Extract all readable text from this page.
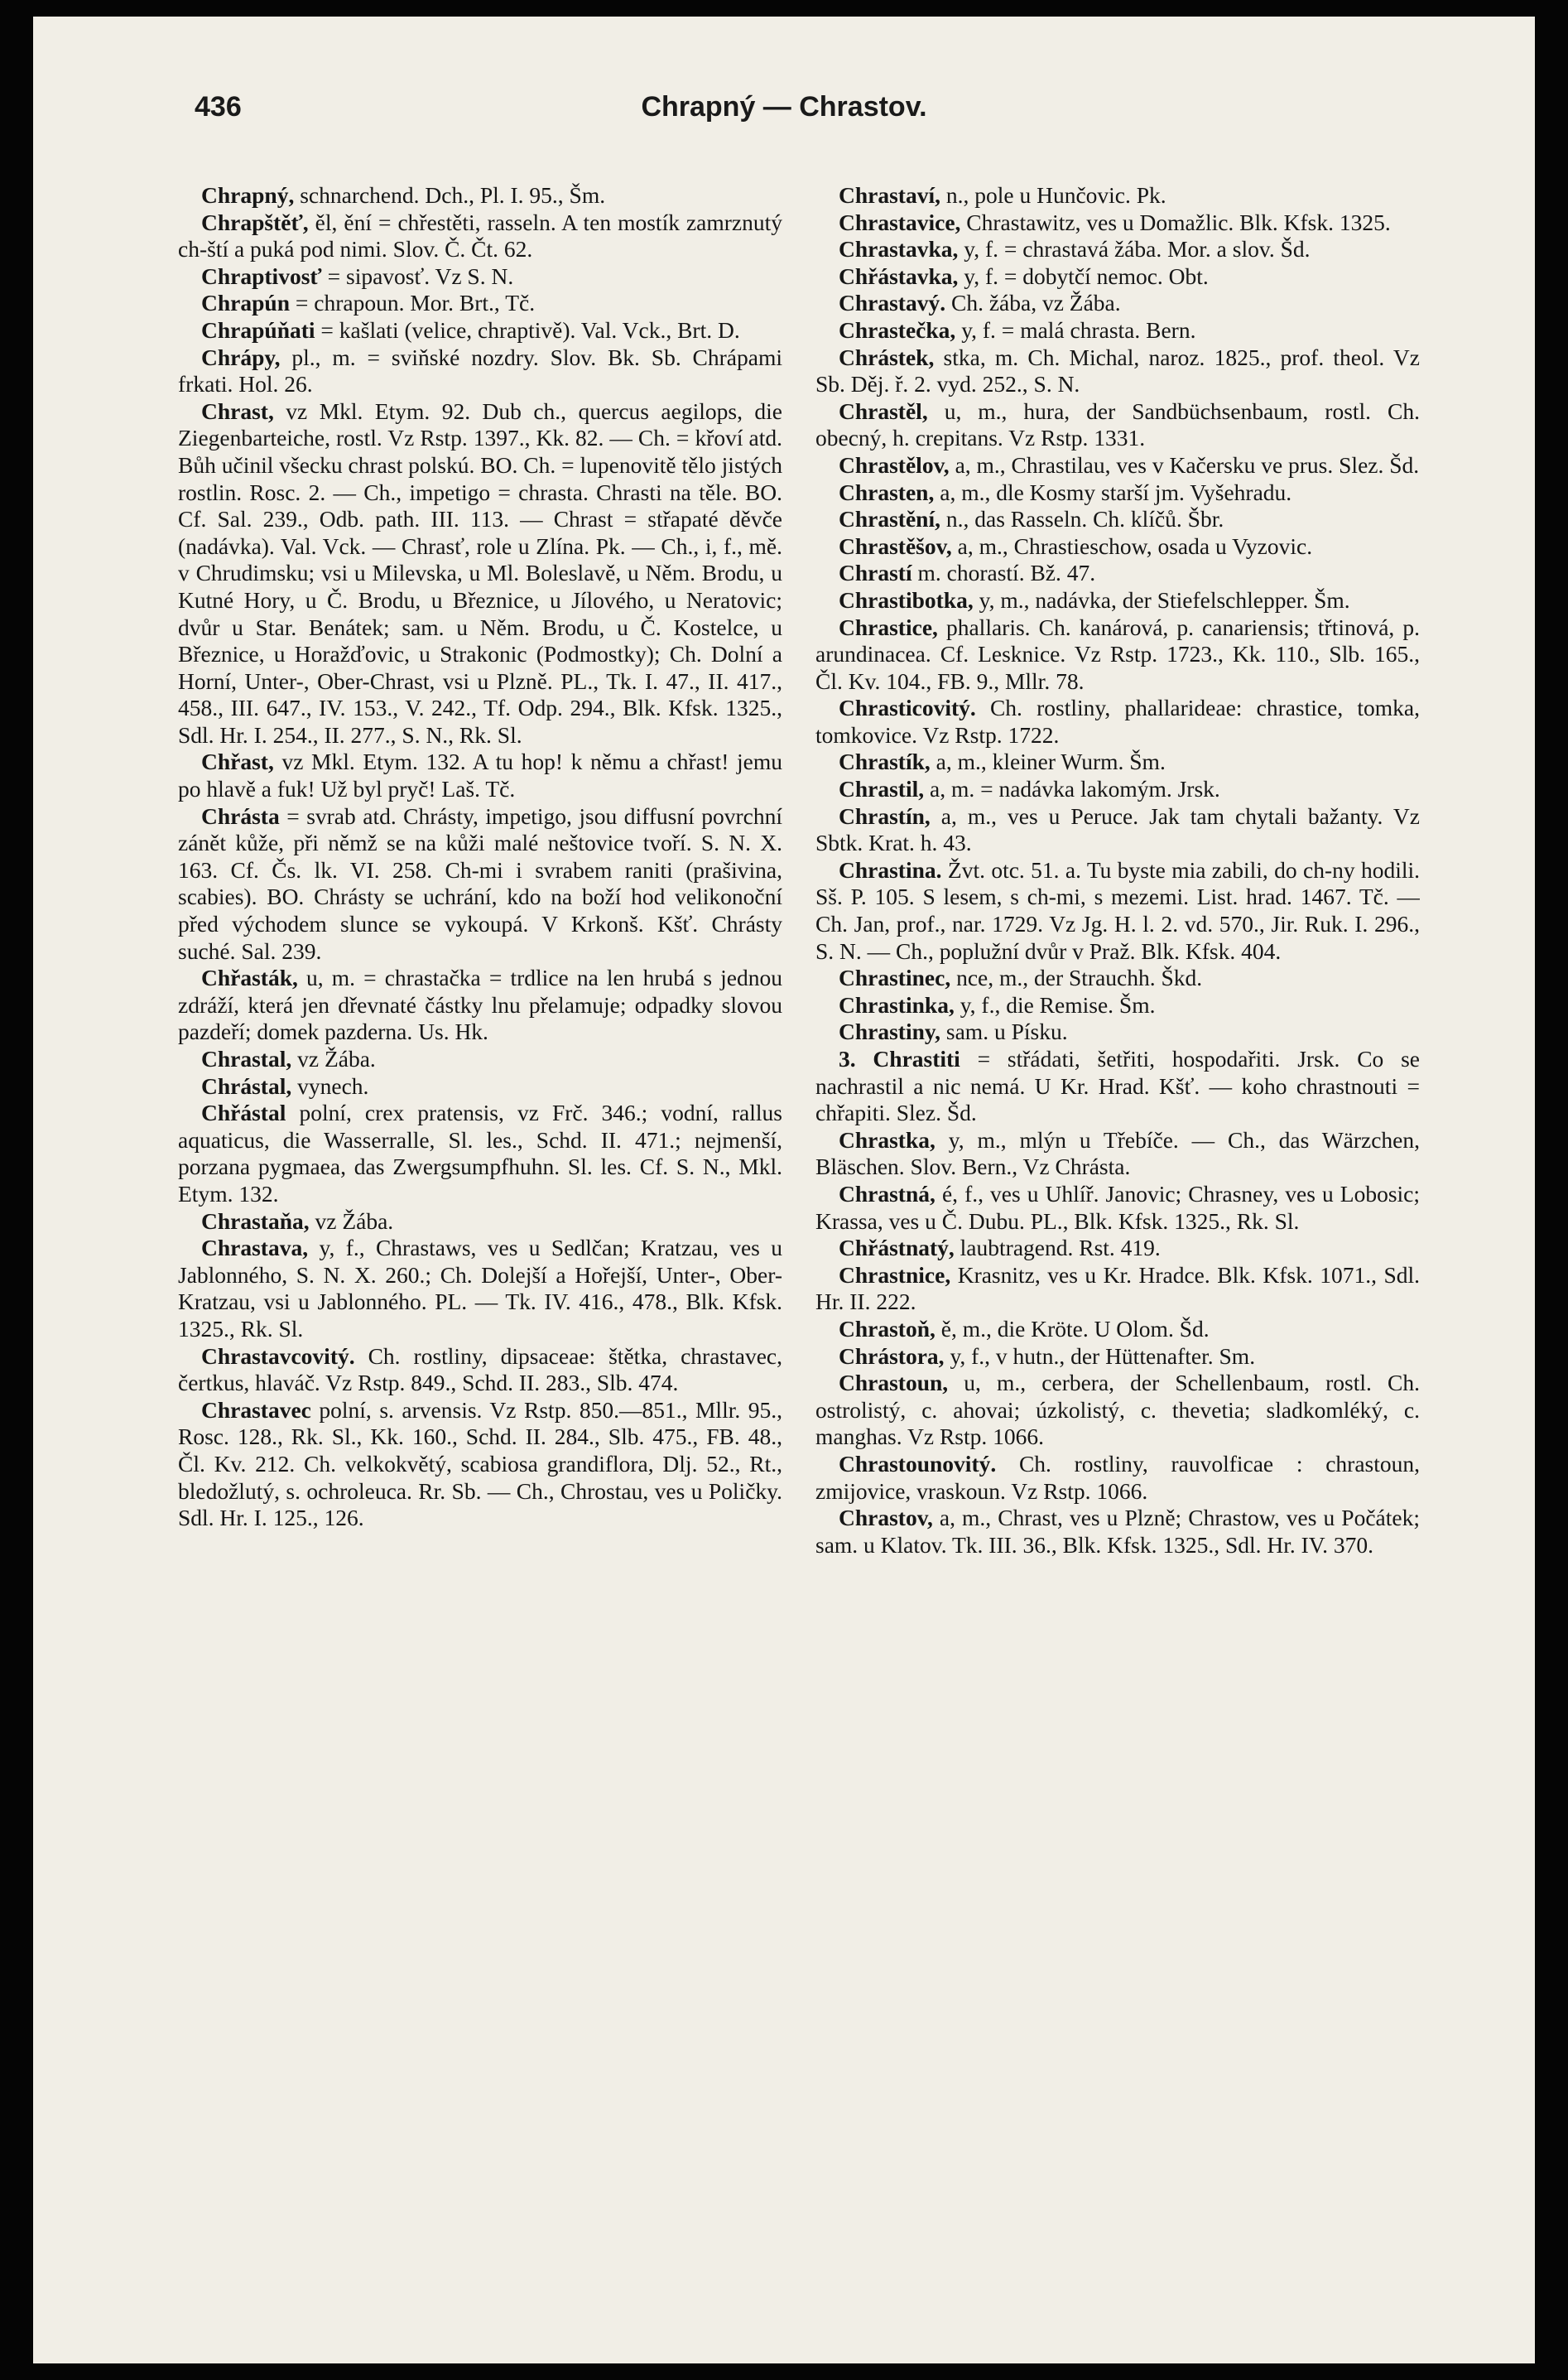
436	Chrapný — Chrastov.

Chrapný, schnarchend. Dch., Pl. I. 95., Šm.

Chrapštěť, ěl, ění = chřestěti, rasseln. A ten mostík zamrznutý ch-ští a puká pod nimi. Slov. Č. Čt. 62.

Chraptivosť = sipavosť. Vz S. N.

Chrapún = chrapoun. Mor. Brt., Tč.

Chrapúňati = kašlati (velice, chraptivě). Val. Vck., Brt. D.

Chrápy, pl., m. = sviňské nozdry. Slov. Bk. Sb. Chrápami frkati. Hol. 26.

Chrast, vz Mkl. Etym. 92. Dub ch., quercus aegilops, die Ziegenbarteiche, rostl. Vz Rstp. 1397., Kk. 82. — Ch. = křoví atd. Bůh učinil všecku chrast polskú. BO. Ch. = lupenovitě tělo jistých rostlin. Rosc. 2. — Ch., impetigo = chrasta. Chrasti na těle. BO. Cf. Sal. 239., Odb. path. III. 113. — Chrast = střapaté děvče (nadávka). Val. Vck. — Chrasť, role u Zlína. Pk. — Ch., i, f., mě. v Chrudimsku; vsi u Milevska, u Ml. Boleslavě, u Něm. Brodu, u Kutné Hory, u Č. Brodu, u Březnice, u Jílového, u Neratovic; dvůr u Star. Benátek; sam. u Něm. Brodu, u Č. Kostelce, u Březnice, u Horažďovic, u Strakonic (Podmostky); Ch. Dolní a Horní, Unter-, Ober-Chrast, vsi u Plzně. PL., Tk. I. 47., II. 417., 458., III. 647., IV. 153., V. 242., Tf. Odp. 294., Blk. Kfsk. 1325., Sdl. Hr. I. 254., II. 277., S. N., Rk. Sl.

Chřast, vz Mkl. Etym. 132. A tu hop! k němu a chřast! jemu po hlavě a fuk! Už byl pryč! Laš. Tč.

Chrásta = svrab atd. Chrásty, impetigo, jsou diffusní povrchní zánět kůže, při němž se na kůži malé neštovice tvoří. S. N. X. 163. Cf. Čs. lk. VI. 258. Ch-mi i svrabem raniti (prašivina, scabies). BO. Chrásty se uchrání, kdo na boží hod velikonoční před východem slunce se vykoupá. V Krkonš. Kšť. Chrásty suché. Sal. 239.

Chřasták, u, m. = chrastačka = trdlice na len hrubá s jednou zdráží, která jen dřevnaté částky lnu přelamuje; odpadky slovou pazdeří; domek pazderna. Us. Hk.

Chrastal, vz Žába.

Chrástal, vynech.

Chřástal polní, crex pratensis, vz Frč. 346.; vodní, rallus aquaticus, die Wasserralle, Sl. les., Schd. II. 471.; nejmenší, porzana pygmaea, das Zwergsumpfhuhn. Sl. les. Cf. S. N., Mkl. Etym. 132.

Chrastaňa, vz Žába.

Chrastava, y, f., Chrastaws, ves u Sedlčan; Kratzau, ves u Jablonného, S. N. X. 260.; Ch. Dolejší a Hořejší, Unter-, Ober-Kratzau, vsi u Jablonného. PL. — Tk. IV. 416., 478., Blk. Kfsk. 1325., Rk. Sl.

Chrastavcovitý. Ch. rostliny, dipsaceae: štětka, chrastavec, čertkus, hlaváč. Vz Rstp. 849., Schd. II. 283., Slb. 474.

Chrastavec polní, s. arvensis. Vz Rstp. 850.—851., Mllr. 95., Rosc. 128., Rk. Sl., Kk. 160., Schd. II. 284., Slb. 475., FB. 48., Čl. Kv. 212. Ch. velkokvětý, scabiosa grandiflora, Dlj. 52., Rt., bledožlutý, s. ochroleuca. Rr. Sb. — Ch., Chrostau, ves u Poličky. Sdl. Hr. I. 125., 126.

Chrastaví, n., pole u Hunčovic. Pk.

Chrastavice, Chrastawitz, ves u Domažlic. Blk. Kfsk. 1325.

Chrastavka, y, f. = chrastavá žába. Mor. a slov. Šd.

Chřástavka, y, f. = dobytčí nemoc. Obt.

Chrastavý. Ch. žába, vz Žába.

Chrastečka, y, f. = malá chrasta. Bern.

Chrástek, stka, m. Ch. Michal, naroz. 1825., prof. theol. Vz Sb. Děj. ř. 2. vyd. 252., S. N.

Chrastěl, u, m., hura, der Sandbüchsenbaum, rostl. Ch. obecný, h. crepitans. Vz Rstp. 1331.

Chrastělov, a, m., Chrastilau, ves v Kačersku ve prus. Slez. Šd.

Chrasten, a, m., dle Kosmy starší jm. Vyšehradu.

Chrastění, n., das Rasseln. Ch. klíčů. Šbr.

Chrastěšov, a, m., Chrastieschow, osada u Vyzovic.

Chrastí m. chorastí. Bž. 47.

Chrastibotka, y, m., nadávka, der Stiefelschlepper. Šm.

Chrastice, phallaris. Ch. kanárová, p. canariensis; třtinová, p. arundinacea. Cf. Lesknice. Vz Rstp. 1723., Kk. 110., Slb. 165., Čl. Kv. 104., FB. 9., Mllr. 78.

Chrasticovitý. Ch. rostliny, phallarideae: chrastice, tomka, tomkovice. Vz Rstp. 1722.

Chrastík, a, m., kleiner Wurm. Šm.

Chrastil, a, m. = nadávka lakomým. Jrsk.

Chrastín, a, m., ves u Peruce. Jak tam chytali bažanty. Vz Sbtk. Krat. h. 43.

Chrastina. Žvt. otc. 51. a. Tu byste mia zabili, do ch-ny hodili. Sš. P. 105. S lesem, s ch-mi, s mezemi. List. hrad. 1467. Tč. — Ch. Jan, prof., nar. 1729. Vz Jg. H. l. 2. vd. 570., Jir. Ruk. I. 296., S. N. — Ch., poplužní dvůr v Praž. Blk. Kfsk. 404.

Chrastinec, nce, m., der Strauchh. Škd.

Chrastinka, y, f., die Remise. Šm.

Chrastiny, sam. u Písku.

3. Chrastiti = střádati, šetřiti, hospodařiti. Jrsk. Co se nachrastil a nic nemá. U Kr. Hrad. Kšť. — koho chrastnouti = chřapiti. Slez. Šd.

Chrastka, y, m., mlýn u Třebíče. — Ch., das Wärzchen, Bläschen. Slov. Bern., Vz Chrásta.

Chrastná, é, f., ves u Uhlíř. Janovic; Chrasney, ves u Lobosic; Krassa, ves u Č. Dubu. PL., Blk. Kfsk. 1325., Rk. Sl.

Chřástnatý, laubtragend. Rst. 419.

Chrastnice, Krasnitz, ves u Kr. Hradce. Blk. Kfsk. 1071., Sdl. Hr. II. 222.

Chrastoň, ě, m., die Kröte. U Olom. Šd.

Chrástora, y, f., v hutn., der Hüttenafter. Sm.

Chrastoun, u, m., cerbera, der Schellenbaum, rostl. Ch. ostrolistý, c. ahovai; úzkolistý, c. thevetia; sladkomléký, c. manghas. Vz Rstp. 1066.

Chrastounovitý. Ch. rostliny, rauvolficae : chrastoun, zmijovice, vraskoun. Vz Rstp. 1066.

Chrastov, a, m., Chrast, ves u Plzně; Chrastow, ves u Počátek; sam. u Klatov. Tk. III. 36., Blk. Kfsk. 1325., Sdl. Hr. IV. 370.
